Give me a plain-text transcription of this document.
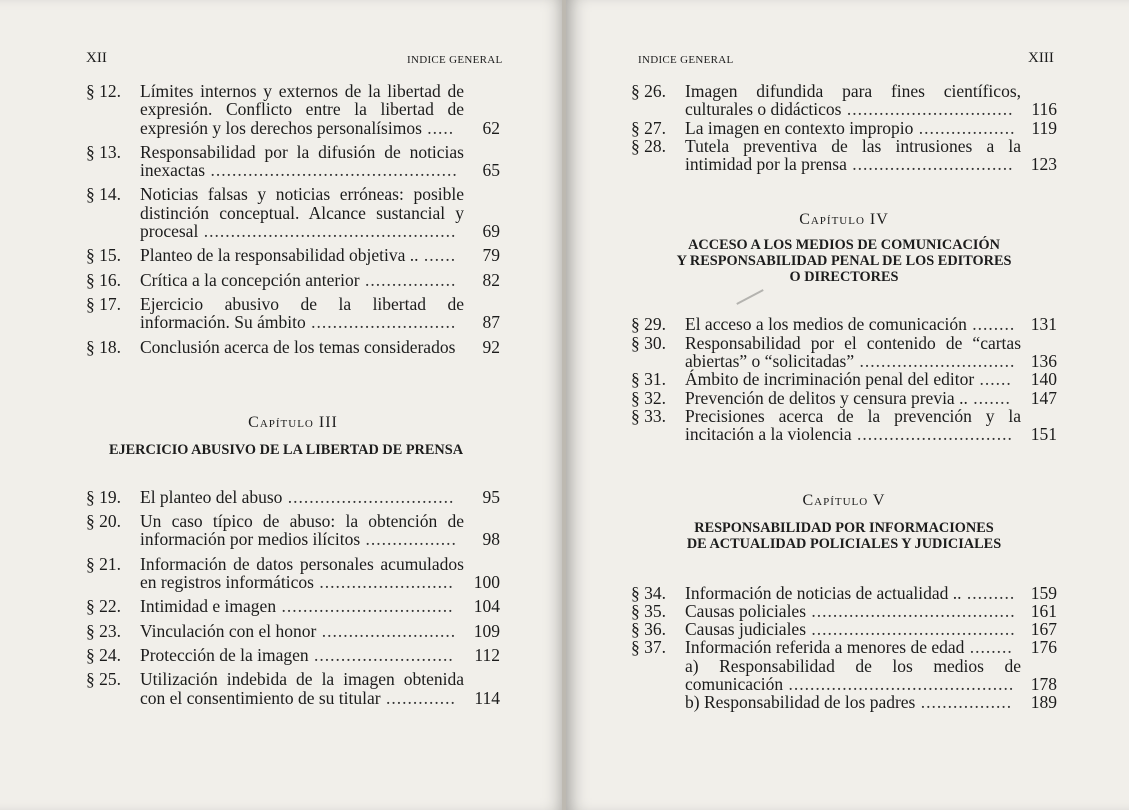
XII	INDICE GENERAL
§ 12.	Límites internos y externos de la libertad de expresión. Conflicto entre la libertad de expresión y los derechos personalísimos .....	62
§ 13.	Responsabilidad por la difusión de noticias inexactas ..............................................	65
§ 14.	Noticias falsas y noticias erróneas: posible distinción conceptual. Alcance sustancial y procesal ...............................................	69
§ 15.	Planteo de la responsabilidad objetiva .. ......	79
§ 16.	Crítica a la concepción anterior .................	82
§ 17.	Ejercicio abusivo de la libertad de información. Su ámbito ...........................	87
§ 18.	Conclusión acerca de los temas considerados	92

Capítulo III

EJERCICIO ABUSIVO DE LA LIBERTAD DE PRENSA

§ 19.	El planteo del abuso ...............................	95
§ 20.	Un caso típico de abuso: la obtención de información por medios ilícitos .................	98
§ 21.	Información de datos personales acumulados en registros informáticos .........................	100
§ 22.	Intimidad e imagen ................................	104
§ 23.	Vinculación con el honor .........................	109
§ 24.	Protección de la imagen ..........................	112
§ 25.	Utilización indebida de la imagen obtenida con el consentimiento de su titular .............	114
INDICE GENERAL	XIII
§ 26.	Imagen difundida para fines científicos, culturales o didácticos ...............................	116
§ 27.	La imagen en contexto impropio .................. 119
§ 28.	Tutela preventiva de las intrusiones a la intimidad por la prensa .............................. 123

Capítulo IV

ACCESO A LOS MEDIOS DE COMUNICACIÓN

Y RESPONSABILIDAD PENAL DE LOS EDITORES

O DIRECTORES

§ 29.	El acceso a los medios de comunicación ........ 131
§ 30.	Responsabilidad por el contenido de “cartas abiertas” o “solicitadas” ............................. 136
§ 31.	Ámbito de incriminación penal del editor ......	140
§ 32.	Prevención de delitos y censura previa .. .......	147
§ 33.	Precisiones acerca de la prevención y la incitación a la violencia .............................	151

Capítulo V

RESPONSABILIDAD POR INFORMACIONES

DE ACTUALIDAD POLICIALES Y JUDICIALES

§ 34.	Información de noticias de actualidad .. ......... 159
§ 35.	Causas policiales ...................................... 161
§ 36.	Causas judiciales ...................................... 167
§ 37.	Información referida a menores de edad ........	176
a) Responsabilidad de los medios de comunicación .......................................... 178
b) Responsabilidad de los padres .................	189
